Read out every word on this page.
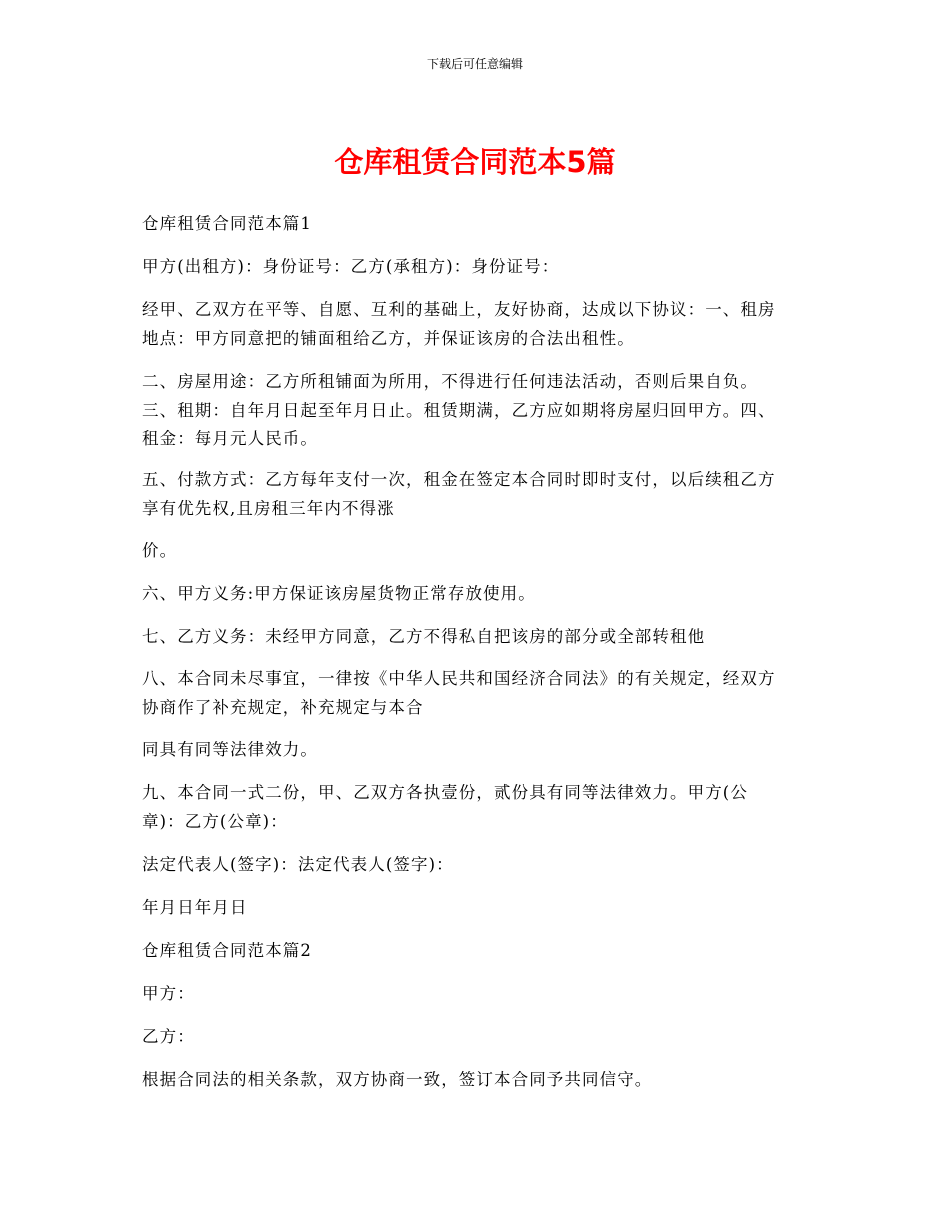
下载后可任意编辑
仓库租赁合同范本5篇
仓库租赁合同范本篇1
甲方(出租方)：身份证号：乙方(承租方)：身份证号：
经甲、乙双方在平等、自愿、互利的基础上，友好协商，达成以下协议：一、租房
地点：甲方同意把的铺面租给乙方，并保证该房的合法出租性。
二、房屋用途：乙方所租铺面为所用，不得进行任何违法活动，否则后果自负。
三、租期：自年月日起至年月日止。租赁期满，乙方应如期将房屋归回甲方。四、
租金：每月元人民币。
五、付款方式：乙方每年支付一次，租金在签定本合同时即时支付，以后续租乙方
享有优先权,且房租三年内不得涨
价。
六、甲方义务:甲方保证该房屋货物正常存放使用。
七、乙方义务：未经甲方同意，乙方不得私自把该房的部分或全部转租他
八、本合同未尽事宜，一律按《中华人民共和国经济合同法》的有关规定，经双方
协商作了补充规定，补充规定与本合
同具有同等法律效力。
九、本合同一式二份，甲、乙双方各执壹份，贰份具有同等法律效力。甲方(公
章)：乙方(公章)：
法定代表人(签字)：法定代表人(签字)：
年月日年月日
仓库租赁合同范本篇2
甲方：
乙方：
根据合同法的相关条款，双方协商一致，签订本合同予共同信守。
